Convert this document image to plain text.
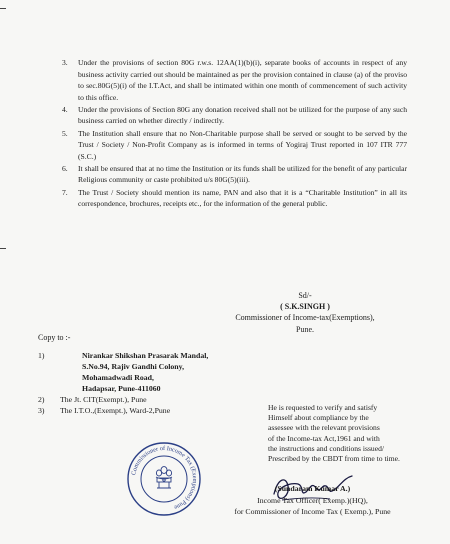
3. Under the provisions of section 80G r.w.s. 12AA(1)(b)(i), separate books of accounts in respect of any business activity carried out should be maintained as per the provision contained in clause (a) of the proviso to sec.80G(5)(i) of the I.T.Act, and shall be intimated within one month of commencement of such activity to this office.
4. Under the provisions of Section 80G any donation received shall not be utilized for the purpose of any such business carried on whether directly / indirectly.
5. The Institution shall ensure that no Non-Charitable purpose shall be served or sought to be served by the Trust / Society / Non-Profit Company as is informed in terms of Yogiraj Trust reported in 107 ITR 777 (S.C.)
6. It shall be ensured that at no time the Institution or its funds shall be utilized for the benefit of any particular Religious community or caste prohibited u/s 80G(5)(iii).
7. The Trust / Society should mention its name, PAN and also that it is a “Charitable Institution” in all its correspondence, brochures, receipts etc., for the information of the general public.
Sd/-
( S.K.SINGH )
Commissioner of Income-tax(Exemptions),
Pune.
Copy to :-
1)	Nirankar Shikshan Prasarak Mandal,
S.No.94, Rajiv Gandhi Colony,
Mohamadwadi Road,
Hadapsar, Pune-411060
2) The Jt. CIT(Exempt.), Pune
3) The I.T.O.,(Exempt.), Ward-2,Pune	He is requested to verify and satisfy
Himself about compliance by the
assessee with the relevant provisions
of the Income-tax Act,1961 and with
the instructions and conditions issued/
Prescribed by the CBDT from time to time.
Commissioner of Income Tax (Exemptions) Pune
(Sundaram Kumar A.)
Income Tax Officer( Exemp.)(HQ),
for Commissioner of Income Tax ( Exemp.), Pune
